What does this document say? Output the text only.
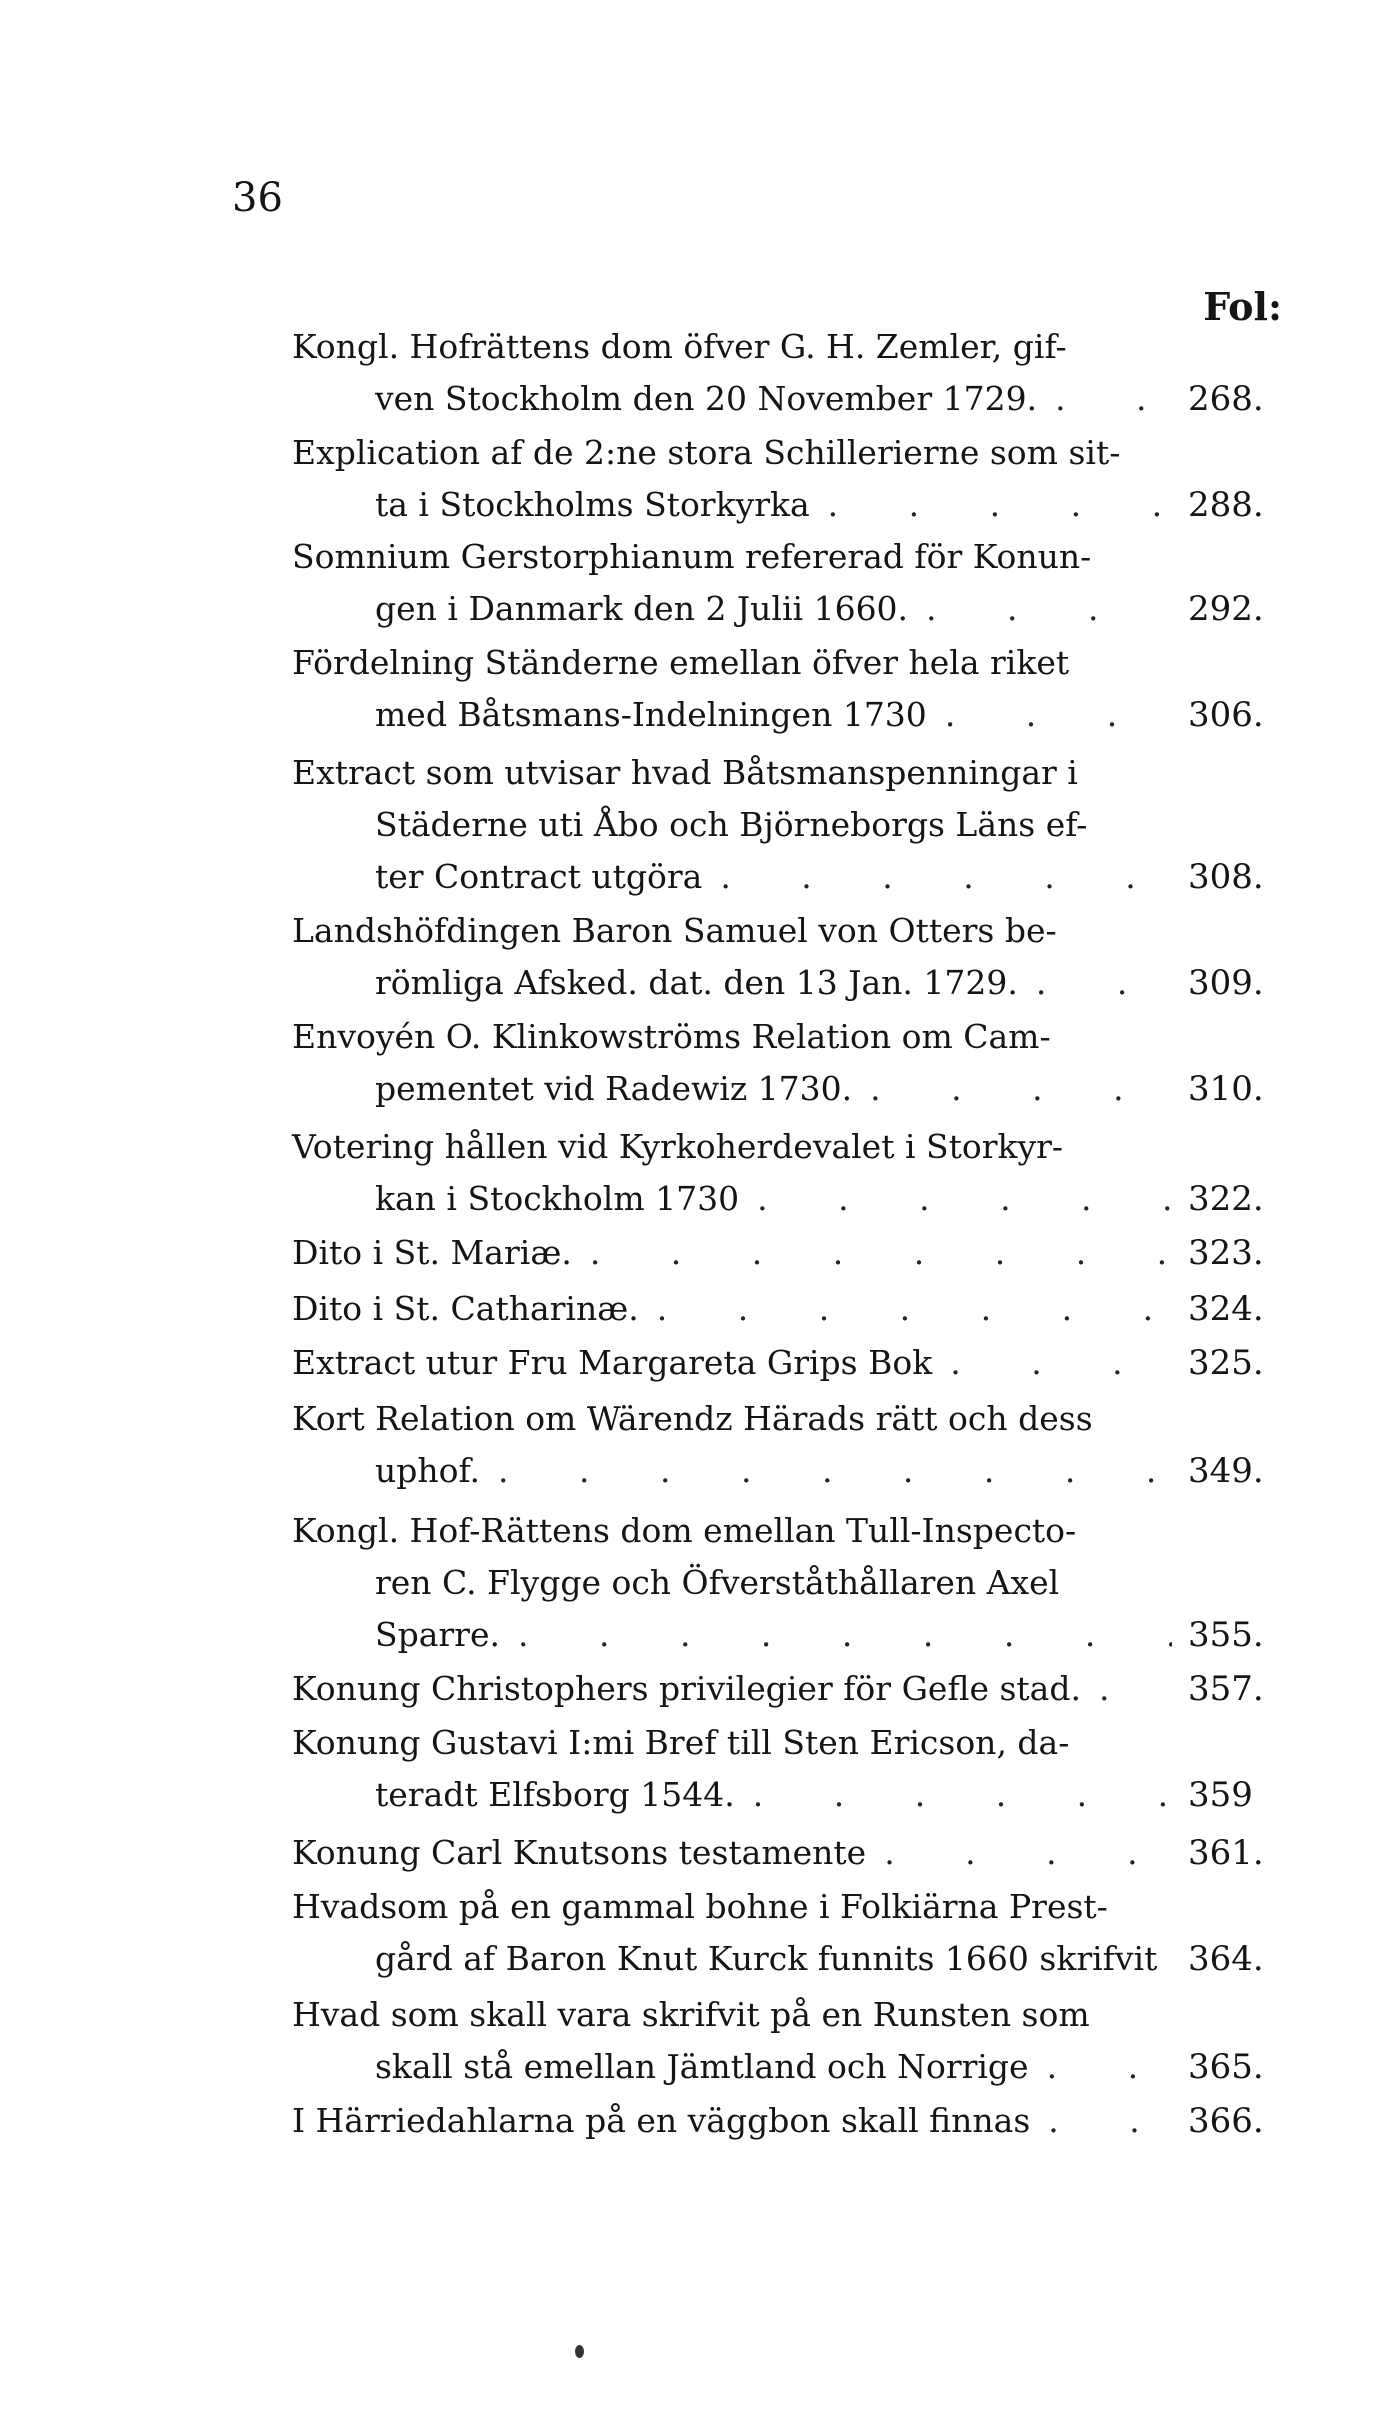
36
Fol:
Kongl. Hofrättens dom öfver G. H. Zemler, gif-
ven Stockholm den 20 November 1729. . . .	268.
Explication af de 2:ne stora Schillerierne som sit-
ta i Stockholms Storkyrka . . .	288.
Somnium Gerstorphianum refererad för Konun-
gen i Danmark den 2 Julii 1660. . . .	292.
Fördelning Ständerne emellan öfver hela riket
med Båtsmans-Indelningen 1730 . . .	306.
Extract som utvisar hvad Båtsmanspenningar i
Städerne uti Åbo och Björneborgs Läns ef-
ter Contract utgöra . . .	308.
Landshöfdingen Baron Samuel von Otters be-
römliga Afsked. dat. den 13 Jan. 1729. . . .	309.
Envoyén O. Klinkowströms Relation om Cam-
pementet vid Radewiz 1730. . . .	310.
Votering hållen vid Kyrkoherdevalet i Storkyr-
kan i Stockholm 1730 . . .	322.
Dito i St. Mariæ. . . .	323.
Dito i St. Catharinæ. . . .	324.
Extract utur Fru Margareta Grips Bok . . .	325.
Kort Relation om Wärendz Härads rätt och dess
uphof. . . .	349.
Kongl. Hof-Rättens dom emellan Tull-Inspecto-
ren C. Flygge och Öfverståthållaren Axel
Sparre. . . .	355.
Konung Christophers privilegier för Gefle stad. . . .	357.
Konung Gustavi I:mi Bref till Sten Ericson, da-
teradt Elfsborg 1544. . . .	359
Konung Carl Knutsons testamente . . .	361.
Hvadsom på en gammal bohne i Folkiärna Prest-
gård af Baron Knut Kurck funnits 1660 skrifvit . . . 364.
Hvad som skall vara skrifvit på en Runsten som
skall stå emellan Jämtland och Norrige . . .	365.
I Härriedahlarna på en väggbon skall finnas . . .	366.
